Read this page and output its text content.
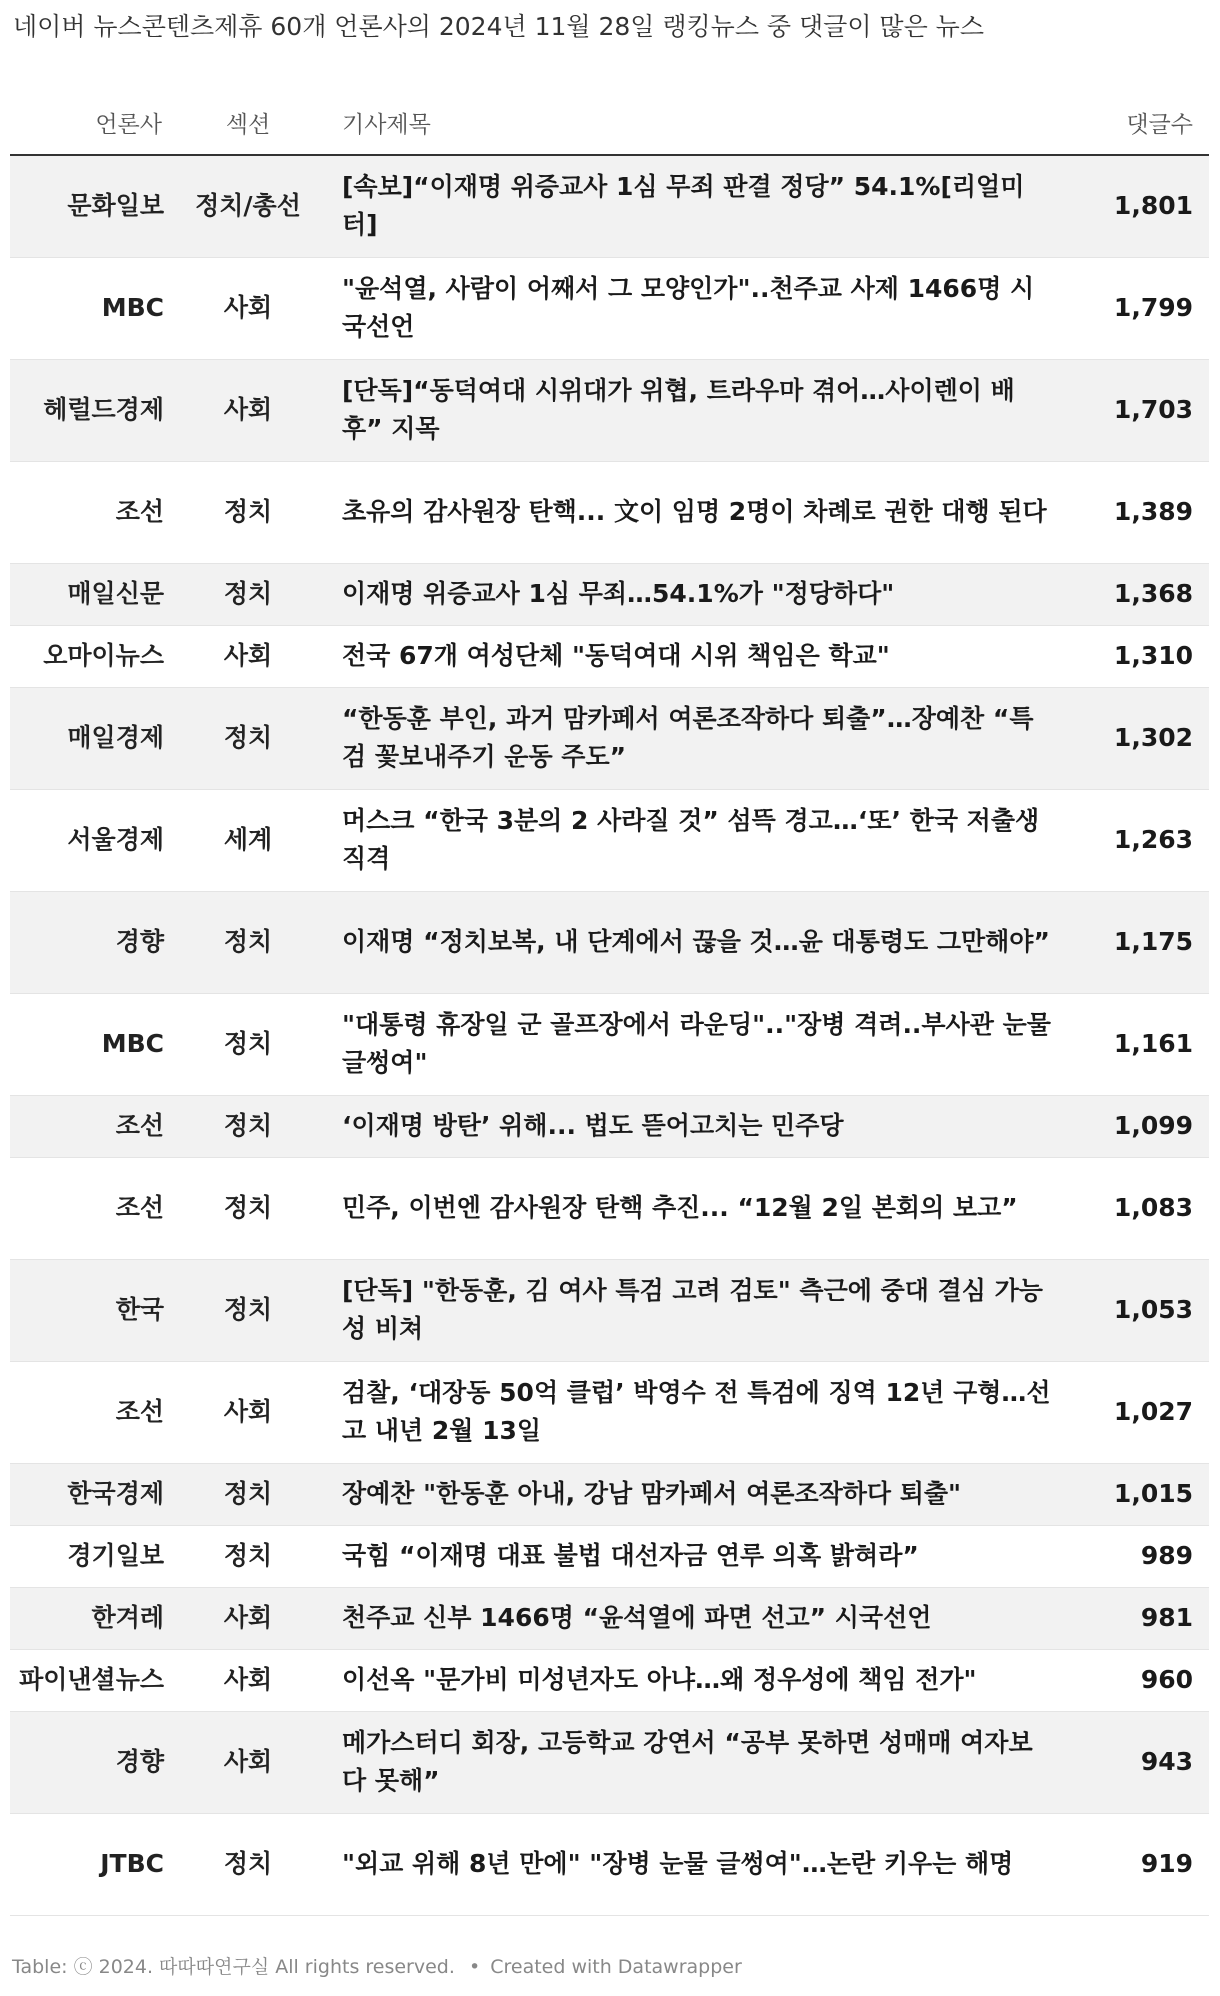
네이버 뉴스콘텐츠제휴 60개 언론사의 2024년 11월 28일 랭킹뉴스 중 댓글이 많은 뉴스
언론사	섹션	기사제목	댓글수
문화일보	정치/총선	[속보]“이재명 위증교사 1심 무죄 판결 정당” 54.1%[리얼미터]	1,801
MBC	사회	"윤석열, 사람이 어째서 그 모양인가"..천주교 사제 1466명 시국선언	1,799
헤럴드경제	사회	[단독]“동덕여대 시위대가 위협, 트라우마 겪어…사이렌이 배후” 지목	1,703
조선	정치	초유의 감사원장 탄핵... 文이 임명 2명이 차례로 권한 대행 된다	1,389
매일신문	정치	이재명 위증교사 1심 무죄…54.1%가 "정당하다"	1,368
오마이뉴스	사회	전국 67개 여성단체 "동덕여대 시위 책임은 학교"	1,310
매일경제	정치	“한동훈 부인, 과거 맘카페서 여론조작하다 퇴출”…장예찬 “특검 꽃보내주기 운동 주도”	1,302
서울경제	세계	머스크 “한국 3분의 2 사라질 것” 섬뜩 경고…‘또’ 한국 저출생 직격	1,263
경향	정치	이재명 “정치보복, 내 단계에서 끊을 것…윤 대통령도 그만해야”	1,175
MBC	정치	"대통령 휴장일 군 골프장에서 라운딩".."장병 격려..부사관 눈물 글썽여"	1,161
조선	정치	‘이재명 방탄’ 위해... 법도 뜯어고치는 민주당	1,099
조선	정치	민주, 이번엔 감사원장 탄핵 추진... “12월 2일 본회의 보고”	1,083
한국	정치	[단독] "한동훈, 김 여사 특검 고려 검토" 측근에 중대 결심 가능성 비쳐	1,053
조선	사회	검찰, ‘대장동 50억 클럽’ 박영수 전 특검에 징역 12년 구형…선고 내년 2월 13일	1,027
한국경제	정치	장예찬 "한동훈 아내, 강남 맘카페서 여론조작하다 퇴출"	1,015
경기일보	정치	국힘 “이재명 대표 불법 대선자금 연루 의혹 밝혀라”	989
한겨레	사회	천주교 신부 1466명 “윤석열에 파면 선고” 시국선언	981
파이낸셜뉴스	사회	이선옥 "문가비 미성년자도 아냐…왜 정우성에 책임 전가"	960
경향	사회	메가스터디 회장, 고등학교 강연서 “공부 못하면 성매매 여자보다 못해”	943
JTBC	정치	"외교 위해 8년 만에" "장병 눈물 글썽여"…논란 키우는 해명	919
Table: ⓒ 2024. 따따따연구실 All rights reserved. • Created with Datawrapper
